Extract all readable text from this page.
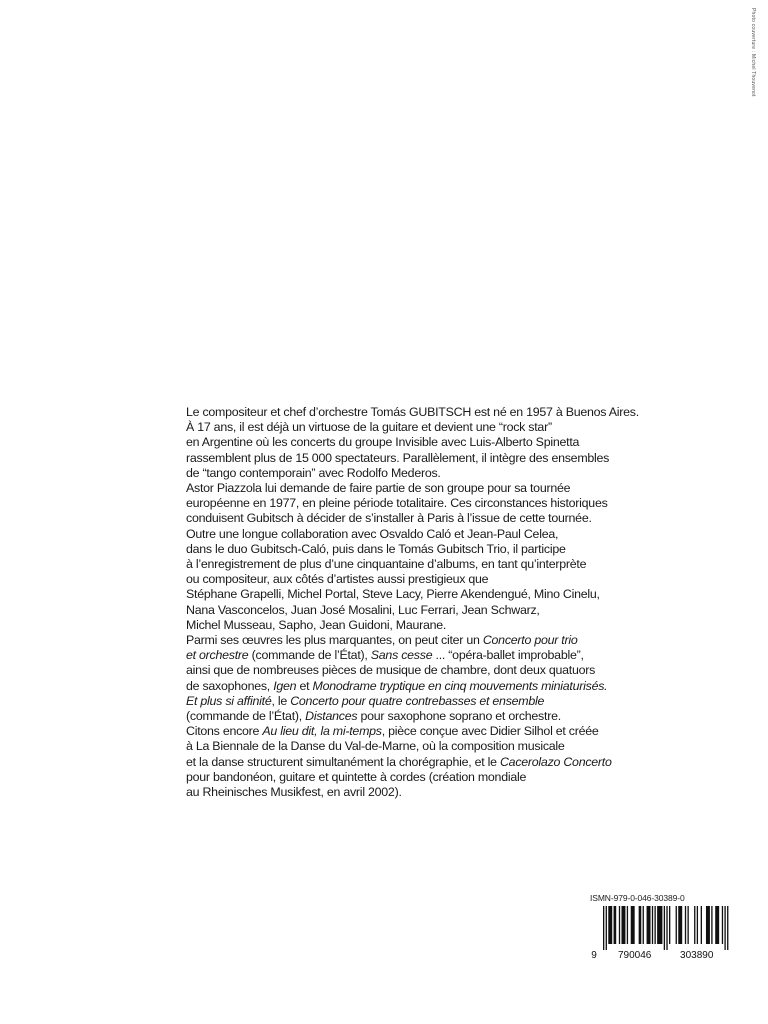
Photo couverture : Michel Thouvenot
Le compositeur et chef d’orchestre Tomás GUBITSCH est né en 1957 à Buenos Aires.
À 17 ans, il est déjà un virtuose de la guitare et devient une “rock star”
en Argentine où les concerts du groupe Invisible avec Luis-Alberto Spinetta
rassemblent plus de 15 000 spectateurs. Parallèlement, il intègre des ensembles
de “tango contemporain” avec Rodolfo Mederos.
Astor Piazzola lui demande de faire partie de son groupe pour sa tournée
européenne en 1977, en pleine période totalitaire. Ces circonstances historiques
conduisent Gubitsch à décider de s’installer à Paris à l’issue de cette tournée.
Outre une longue collaboration avec Osvaldo Caló et Jean-Paul Celea,
dans le duo Gubitsch-Caló, puis dans le Tomás Gubitsch Trio, il participe
à l’enregistrement de plus d’une cinquantaine d’albums, en tant qu’interprète
ou compositeur, aux côtés d’artistes aussi prestigieux que
Stéphane Grapelli, Michel Portal, Steve Lacy, Pierre Akendengué, Mino Cinelu,
Nana Vasconcelos, Juan José Mosalini, Luc Ferrari, Jean Schwarz,
Michel Musseau, Sapho, Jean Guidoni, Maurane.
Parmi ses œuvres les plus marquantes, on peut citer un Concerto pour trio
et orchestre (commande de l’État), Sans cesse ... “opéra-ballet improbable”,
ainsi que de nombreuses pièces de musique de chambre, dont deux quatuors
de saxophones, Igen et Monodrame tryptique en cinq mouvements miniaturisés.
Et plus si affinité, le Concerto pour quatre contrebasses et ensemble
(commande de l’État), Distances pour saxophone soprano et orchestre.
Citons encore Au lieu dit, la mi-temps, pièce conçue avec Didier Silhol et créée
à La Biennale de la Danse du Val-de-Marne, où la composition musicale
et la danse structurent simultanément la chorégraphie, et le Cacerolazo Concerto
pour bandonéon, guitare et quintette à cordes (création mondiale
au Rheinisches Musikfest, en avril 2002).
ISMN-979-0-046-30389-0
9 790046	303890
